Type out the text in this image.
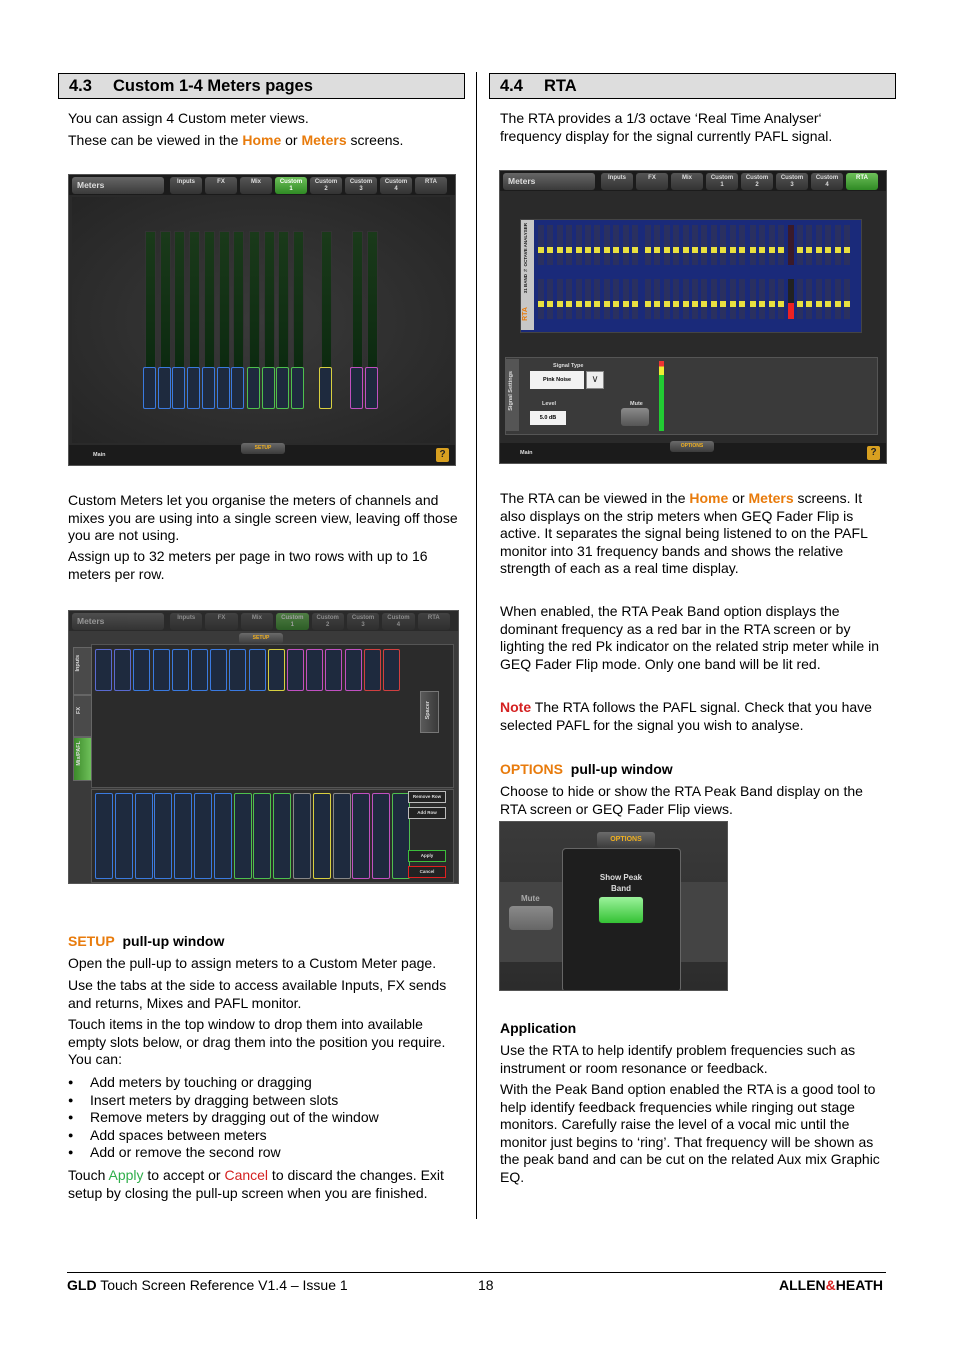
4.3 Custom 1-4 Meters pages

You can assign 4 Custom meter views.

These can be viewed in the Home or Meters screens.

Meters	Inputs	FX	Mix	Custom
1
Custom
2
Custom
3
Custom
4
RTA
Main
SETUP
?

Custom Meters let you organise the meters of channels and mixes you are using into a single screen view, leaving off those you are not using.

Assign up to 32 meters per page in two rows with up to 16 meters per row.

Meters	Inputs	FX	Mix	Custom
1
Custom
2
Custom
3
Custom
4
RTA
SETUP
Inputs
FX
Mix/PAFL
Spacer
Remove Row
Add Row
Apply
Cancel

SETUP pull-up window

Open the pull-up to assign meters to a Custom Meter page.

Use the tabs at the side to access available Inputs, FX sends and returns, Mixes and PAFL monitor.

Touch items in the top window to drop them into available empty slots below, or drag them into the position you require. You can:

● Add meters by touching or dragging
● Insert meters by dragging between slots
● Remove meters by dragging out of the window
● Add spaces between meters
● Add or remove the second row

Touch Apply to accept or Cancel to discard the changes. Exit setup by closing the pull-up screen when you are finished.

4.4 RTA

The RTA provides a 1/3 octave ‘Real Time Analyser‘ frequency display for the signal currently PAFL signal.

Meters	Inputs	FX	Mix	Custom
1
Custom
2
Custom
3
Custom
4
RTA
RTA
31 BAND ⅓ OCTAVE ANALYSER
Signal Settings
Signal Type
Pink Noise	∨
Level
5.0 dB
Mute
Main
OPTIONS
?

The RTA can be viewed in the Home or Meters screens. It also displays on the strip meters when GEQ Fader Flip is active. It separates the signal being listened to on the PAFL monitor into 31 frequency bands and shows the relative strength of each as a real time display.

When enabled, the RTA Peak Band option displays the dominant frequency as a red bar in the RTA screen or by lighting the red Pk indicator on the related strip meter while in GEQ Fader Flip mode. Only one band will be lit red.

Note The RTA follows the PAFL signal. Check that you have selected PAFL for the signal you wish to analyse.

OPTIONS pull-up window

Choose to hide or show the RTA Peak Band display on the RTA screen or GEQ Fader Flip views.

Mute
OPTIONS
Show Peak Band

Application

Use the RTA to help identify problem frequencies such as instrument or room resonance or feedback.

With the Peak Band option enabled the RTA is a good tool to help identify feedback frequencies while ringing out stage monitors. Carefully raise the level of a vocal mic until the monitor just begins to ‘ring’. That frequency will be shown as the peak band and can be cut on the related Aux mix Graphic EQ.

GLD Touch Screen Reference V1.4 – Issue 1	18	ALLEN&HEATH
